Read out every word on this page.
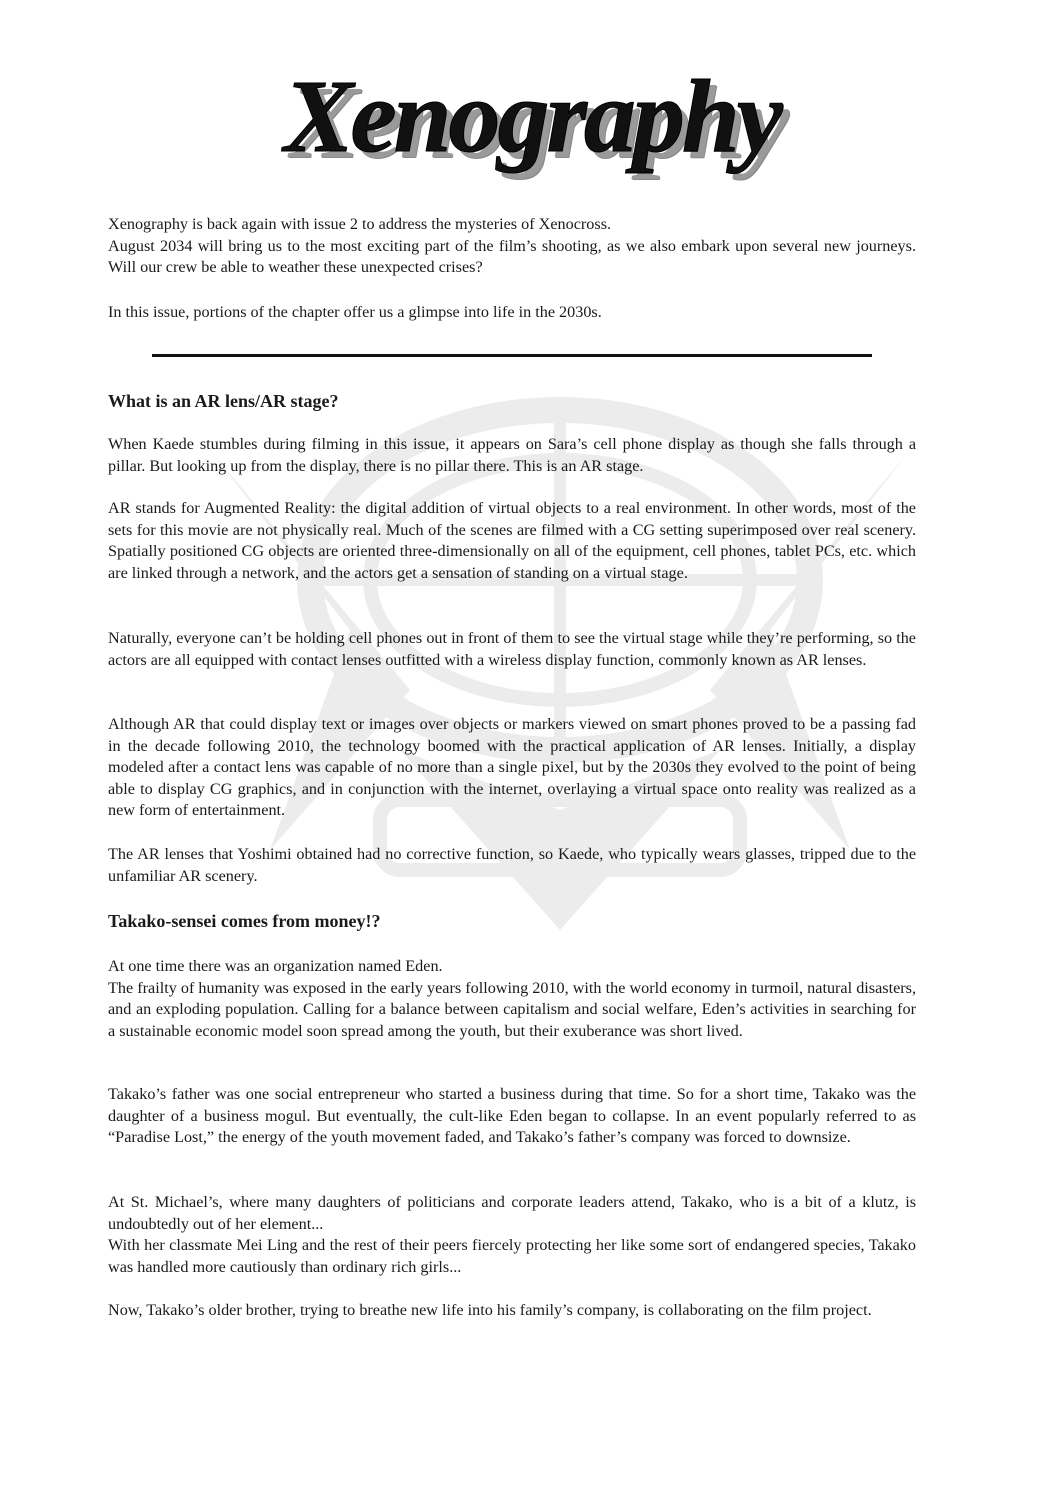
Xenography

Xenography is back again with issue 2 to address the mysteries of Xenocross.
August 2034 will bring us to the most exciting part of the film’s shooting, as we also embark upon several new journeys. Will our crew be able to weather these unexpected crises?

In this issue, portions of the chapter offer us a glimpse into life in the 2030s.

What is an AR lens/AR stage?

When Kaede stumbles during filming in this issue, it appears on Sara’s cell phone display as though she falls through a pillar. But looking up from the display, there is no pillar there. This is an AR stage.

AR stands for Augmented Reality: the digital addition of virtual objects to a real environment. In other words, most of the sets for this movie are not physically real. Much of the scenes are filmed with a CG setting superimposed over real scenery. Spatially positioned CG objects are oriented three-dimensionally on all of the equipment, cell phones, tablet PCs, etc. which are linked through a network, and the actors get a sensation of standing on a virtual stage.

Naturally, everyone can’t be holding cell phones out in front of them to see the virtual stage while they’re performing, so the actors are all equipped with contact lenses outfitted with a wireless display function, commonly known as AR lenses.

Although AR that could display text or images over objects or markers viewed on smart phones proved to be a passing fad in the decade following 2010, the technology boomed with the practical application of AR lenses. Initially, a display modeled after a contact lens was capable of no more than a single pixel, but by the 2030s they evolved to the point of being able to display CG graphics, and in conjunction with the internet, overlaying a virtual space onto reality was realized as a new form of entertainment.

The AR lenses that Yoshimi obtained had no corrective function, so Kaede, who typically wears glasses, tripped due to the unfamiliar AR scenery.

Takako-sensei comes from money!?

At one time there was an organization named Eden.
The frailty of humanity was exposed in the early years following 2010, with the world economy in turmoil, natural disasters, and an exploding population. Calling for a balance between capitalism and social welfare, Eden’s activities in searching for a sustainable economic model soon spread among the youth, but their exuberance was short lived.

Takako’s father was one social entrepreneur who started a business during that time. So for a short time, Takako was the daughter of a business mogul. But eventually, the cult-like Eden began to collapse. In an event popularly referred to as “Paradise Lost,” the energy of the youth movement faded, and Takako’s father’s company was forced to downsize.

At St. Michael’s, where many daughters of politicians and corporate leaders attend, Takako, who is a bit of a klutz, is undoubtedly out of her element...
With her classmate Mei Ling and the rest of their peers fiercely protecting her like some sort of endangered species, Takako was handled more cautiously than ordinary rich girls...

Now, Takako’s older brother, trying to breathe new life into his family’s company, is collaborating on the film project.
